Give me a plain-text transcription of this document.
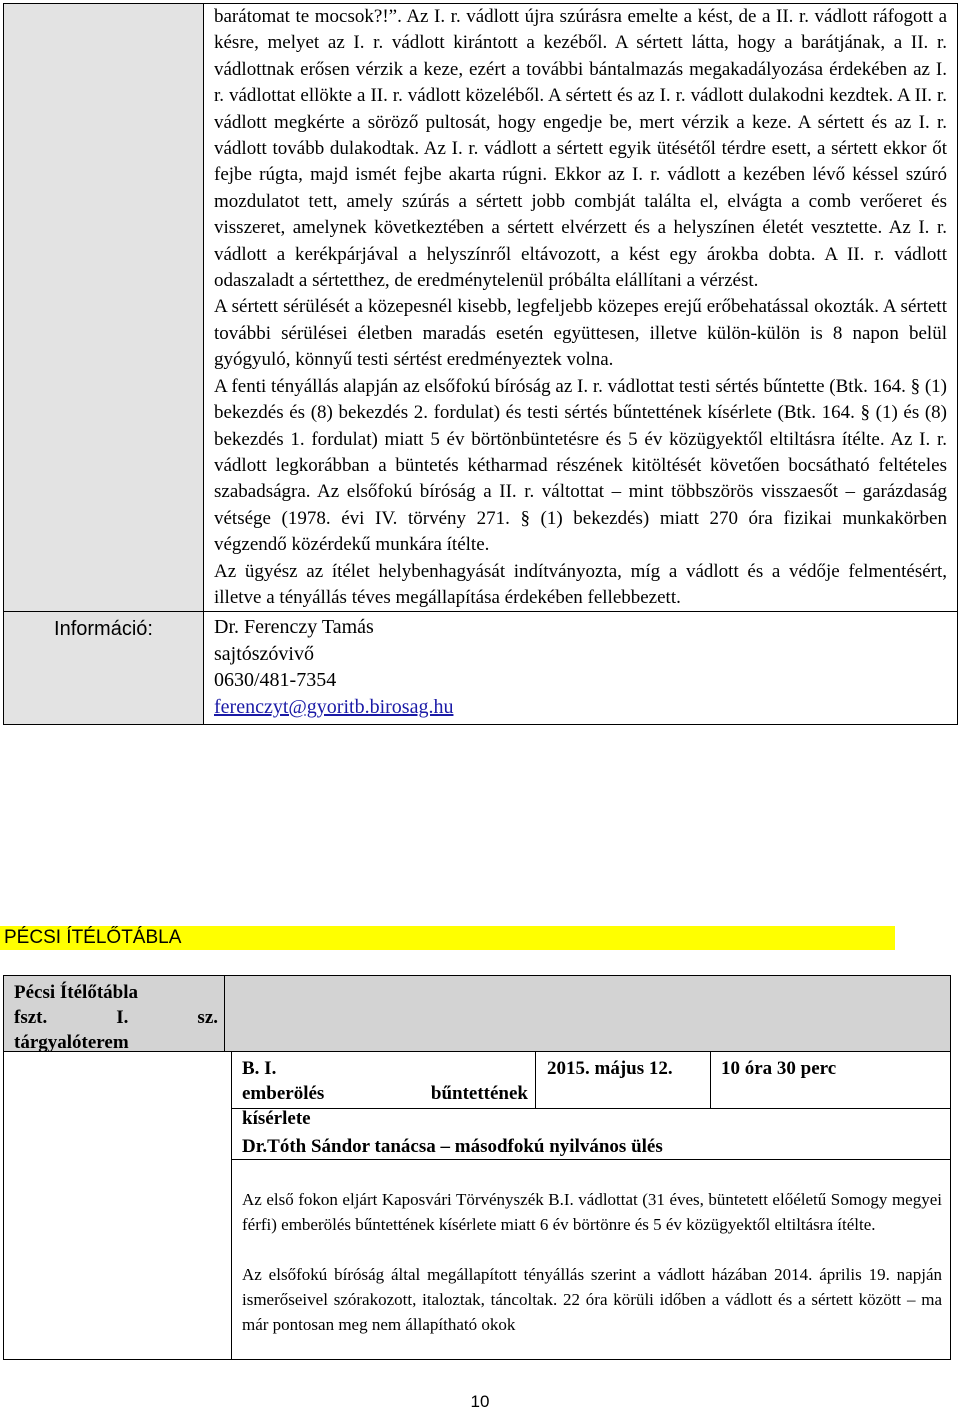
	barátomat te mocsok?!”. Az I. r. vádlott újra szúrásra emelte a kést, de a II. r. vádlott ráfogott a késre, melyet az I. r. vádlott kirántott a kezéből. A sértett látta, hogy a barátjának, a II. r. vádlottnak erősen vérzik a keze, ezért a további bántalmazás megakadályozása érdekében az I. r. vádlottat ellökte a II. r. vádlott közeléből. A sértett és az I. r. vádlott dulakodni kezdtek. A II. r. vádlott megkérte a söröző pultosát, hogy engedje be, mert vérzik a keze. A sértett és az I. r. vádlott tovább dulakodtak. Az I. r. vádlott a sértett egyik ütésétől térdre esett, a sértett ekkor őt fejbe rúgta, majd ismét fejbe akarta rúgni. Ekkor az I. r. vádlott a kezében lévő késsel szúró mozdulatot tett, amely szúrás a sértett jobb combját találta el, elvágta a comb verőeret és visszeret, amelynek következtében a sértett elvérzett és a helyszínen életét vesztette. Az I. r. vádlott a kerékpárjával a helyszínről eltávozott, a kést egy árokba dobta. A II. r. vádlott odaszaladt a sértetthez, de eredménytelenül próbálta elállítani a vérzést.

A sértett sérülését a közepesnél kisebb, legfeljebb közepes erejű erőbehatással okozták. A sértett további sérülései életben maradás esetén együttesen, illetve külön-külön is 8 napon belül gyógyuló, könnyű testi sértést eredményeztek volna.

A fenti tényállás alapján az elsőfokú bíróság az I. r. vádlottat testi sértés bűntette (Btk. 164. § (1) bekezdés és (8) bekezdés 2. fordulat) és testi sértés bűntettének kísérlete (Btk. 164. § (1) és (8) bekezdés 1. fordulat) miatt 5 év börtönbüntetésre és 5 év közügyektől eltiltásra ítélte. Az I. r. vádlott legkorábban a büntetés kétharmad részének kitöltését követően bocsátható feltételes szabadságra. Az elsőfokú bíróság a II. r. váltottat – mint többszörös visszaesőt – garázdaság vétsége (1978. évi IV. törvény 271. § (1) bekezdés) miatt 270 óra fizikai munkakörben végzendő közérdekű munkára ítélte.

Az ügyész az ítélet helybenhagyását indítványozta, míg a vádlott és a védője felmentésért, illetve a tényállás téves megállapítása érdekében fellebbezett.

Információ:	Dr. Ferenczy Tamás
sajtószóvivő
0630/481-7354
ferenczyt@gyoritb.birosag.hu
PÉCSI ÍTÉLŐTÁBLA
Pécsi Ítélőtábla
fszt.	I.	sz.
tárgyalóterem
B. I.
emberölés	bűntettének
kísérlete
2015. május 12.	10 óra 30 perc
Dr.Tóth Sándor tanácsa – másodfokú nyilvános ülés

Az első fokon eljárt Kaposvári Törvényszék B.I. vádlottat (31 éves, büntetett előéletű Somogy megyei férfi) emberölés bűntettének kísérlete miatt 6 év börtönre és 5 év közügyektől eltiltásra ítélte.

Az elsőfokú bíróság által megállapított tényállás szerint a vádlott házában 2014. április 19. napján ismerőseivel szórakozott, italoztak, táncoltak. 22 óra körüli időben a vádlott és a sértett között – ma már pontosan meg nem állapítható okok

10
